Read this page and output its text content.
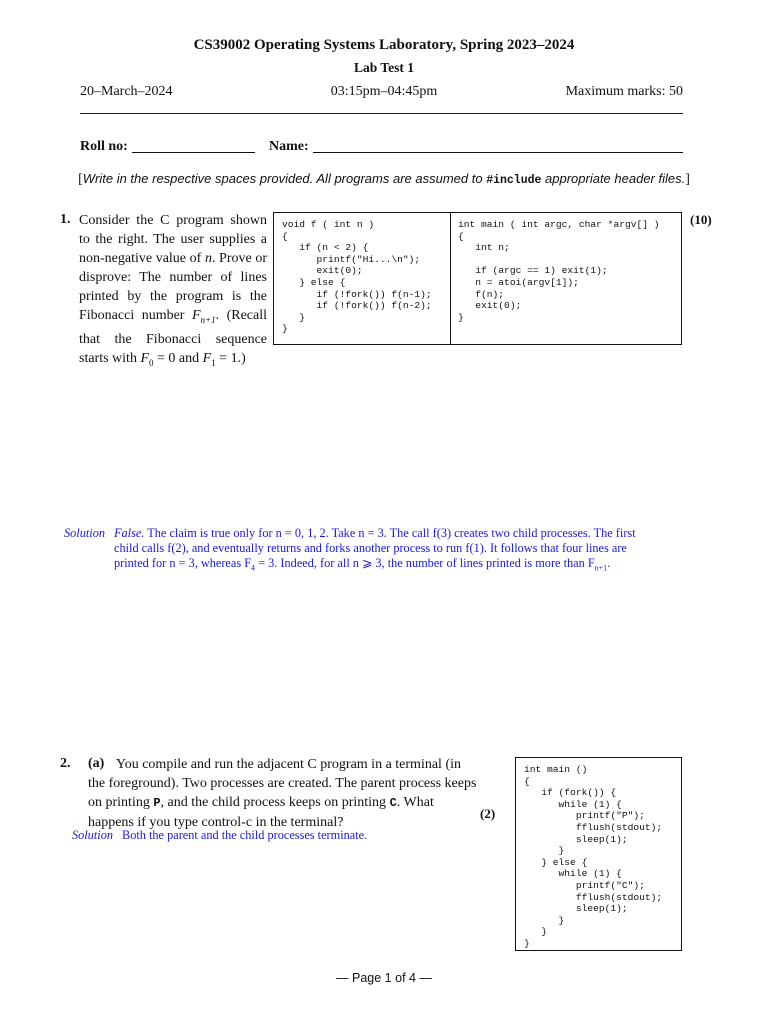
CS39002 Operating Systems Laboratory, Spring 2023–2024
Lab Test 1
20–March–2024	03:15pm–04:45pm	Maximum marks: 50
Roll no:	Name:
[Write in the respective spaces provided. All programs are assumed to #include appropriate header files.]
1. Consider the C program shown to the right. The user supplies a non-negative value of n. Prove or disprove: The number of lines printed by the program is the Fibonacci number $F_{n+1}$. (Recall that the Fibonacci sequence starts with $F_0 = 0$ and $F_1 = 1$.)
void f ( int n )
{
if (n < 2) {
printf("Hi...\n");
exit(0);
} else {
if (!fork()) f(n-1);
if (!fork()) f(n-2);
}
}
int main ( int argc, char *argv[] )
{
int n;

if (argc == 1) exit(1);
n = atoi(argv[1]);
f(n);
exit(0);
}
(10)
Solution False. The claim is true only for n = 0, 1, 2. Take n = 3. The call f(3) creates two child processes. The first
child calls f(2), and eventually returns and forks another process to run f(1). It follows that four lines are
printed for n = 3, whereas $F_4 = 3$. Indeed, for all n ⩾ 3, the number of lines printed is more than $F_{n+1}$.
2. (a) You compile and run the adjacent C program in a terminal (in the foreground). Two processes are created. The parent process keeps on printing P, and the child process keeps on printing C. What happens if you type control-c in the terminal?
(2)
int main ()
{
if (fork()) {
while (1) {
printf("P");
fflush(stdout);
sleep(1);
}
} else {
while (1) {
printf("C");
fflush(stdout);
sleep(1);
}
}
}
Solution Both the parent and the child processes terminate.
— Page 1 of 4 —
